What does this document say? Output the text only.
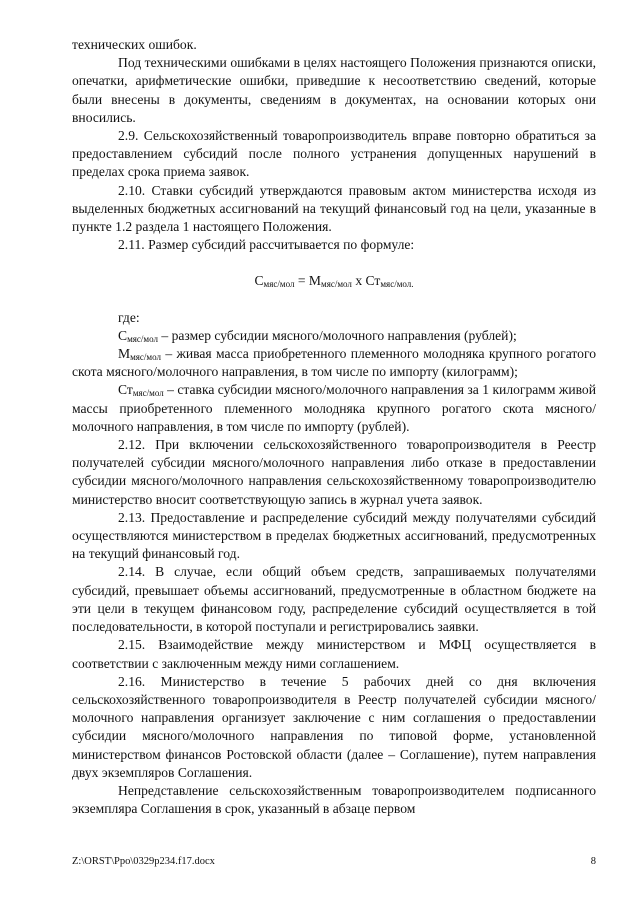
технических ошибок.

Под техническими ошибками в целях настоящего Положения признаются описки, опечатки, арифметические ошибки, приведшие к несоответствию сведений, которые были внесены в документы, сведениям в документах, на основании которых они вносились.

2.9. Сельскохозяйственный товаропроизводитель вправе повторно обратиться за предоставлением субсидий после полного устранения допущенных нарушений в пределах срока приема заявок.

2.10. Ставки субсидий утверждаются правовым актом министерства исходя из выделенных бюджетных ассигнований на текущий финансовый год на цели, указанные в пункте 1.2 раздела 1 настоящего Положения.

2.11. Размер субсидий рассчитывается по формуле:

$С_{мяс/мол} = М_{мяс/мол}$ х $Ст_{мяс/мол.}$

где:

$С_{мяс/мол}$ – размер субсидии мясного/молочного направления (рублей);

$М_{мяс/мол}$ – живая масса приобретенного племенного молодняка крупного рогатого скота мясного/молочного направления, в том числе по импорту (килограмм);

$Ст_{мяс/мол}$ – ставка субсидии мясного/молочного направления за 1 килограмм живой массы приобретенного племенного молодняка крупного рогатого скота мясного/молочного направления, в том числе по импорту (рублей).

2.12. При включении сельскохозяйственного товаропроизводителя в Реестр получателей субсидии мясного/молочного направления либо отказе в предоставлении субсидии мясного/молочного направления сельскохозяйственному товаропроизводителю министерство вносит соответствующую запись в журнал учета заявок.

2.13. Предоставление и распределение субсидий между получателями субсидий осуществляются министерством в пределах бюджетных ассигнований, предусмотренных на текущий финансовый год.

2.14. В случае, если общий объем средств, запрашиваемых получателями субсидий, превышает объемы ассигнований, предусмотренные в областном бюджете на эти цели в текущем финансовом году, распределение субсидий осуществляется в той последовательности, в которой поступали и регистрировались заявки.

2.15. Взаимодействие между министерством и МФЦ осуществляется в соответствии с заключенным между ними соглашением.

2.16. Министерство в течение 5 рабочих дней со дня включения сельскохозяйственного товаропроизводителя в Реестр получателей субсидии мясного/молочного направления организует заключение с ним соглашения о предоставлении субсидии мясного/молочного направления по типовой форме, установленной министерством финансов Ростовской области (далее – Соглашение), путем направления двух экземпляров Соглашения.

Непредставление сельскохозяйственным товаропроизводителем подписанного экземпляра Соглашения в срок, указанный в абзаце первом

Z:\ORST\Ppo\0329p234.f17.docx	8
